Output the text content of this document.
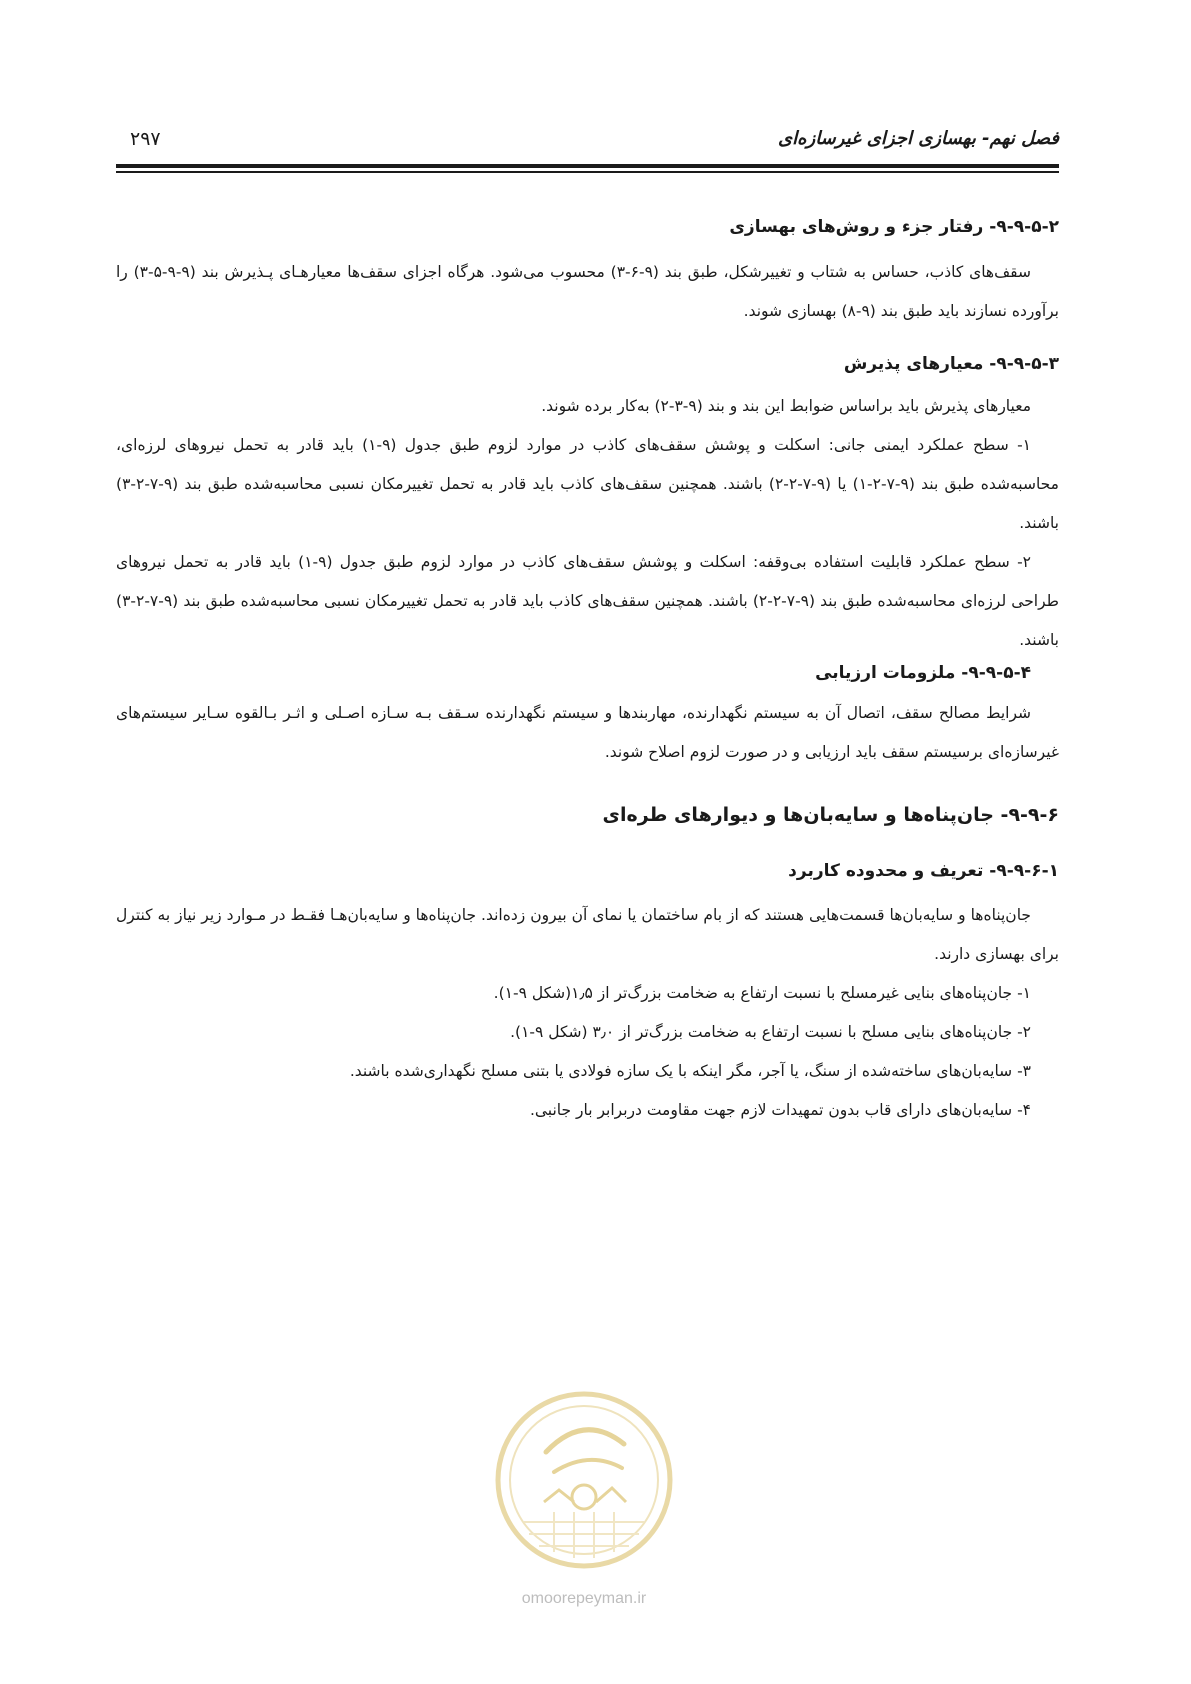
فصل نهم- بهسازی اجزای غیرسازه‌ای
۲۹۷
۹-۹-۵-۲- رفتار جزء و روش‌های بهسازی

سقف‌های کاذب، حساس به شتاب و تغییرشکل، طبق بند (۹-۶-۳) محسوب می‌شود. هرگاه اجزای سقف‌ها معیارهـای پـذیرش بند (۹-۹-۵-۳) را برآورده نسازند باید طبق بند (۹-۸) بهسازی شوند.

۹-۹-۵-۳- معیارهای پذیرش

معیارهای پذیرش باید براساس ضوابط این بند و بند (۹-۳-۲) به‌کار برده شوند.

۱- سطح عملکرد ایمنی جانی: اسکلت و پوشش سقف‌های کاذب در موارد لزوم طبق جدول (۹-۱) باید قادر به تحمل نیروهای لرزه‌ای، محاسبه‌شده طبق بند (۹-۷-۲-۱) یا (۹-۷-۲-۲) باشند. همچنین سقف‌های کاذب باید قادر به تحمل تغییرمکان نسبی محاسبه‌شده طبق بند (۹-۷-۲-۳) باشند.

۲- سطح عملکرد قابلیت استفاده بی‌وقفه: اسکلت و پوشش سقف‌های کاذب در موارد لزوم طبق جدول (۹-۱) باید قادر به تحمل نیروهای طراحی لرزه‌ای محاسبه‌شده طبق بند (۹-۷-۲-۲) باشند. همچنین سقف‌های کاذب باید قادر به تحمل تغییرمکان نسبی محاسبه‌شده طبق بند (۹-۷-۲-۳) باشند.

۹-۹-۵-۴- ملزومات ارزیابی

شرایط مصالح سقف، اتصال آن به سیستم نگهدارنده، مهاربندها و سیستم نگهدارنده سـقف بـه سـازه اصـلی و اثـر بـالقوه سـایر سیستم‌های غیرسازه‌ای برسیستم سقف باید ارزیابی و در صورت لزوم اصلاح شوند.

۹-۹-۶- جان‌پناه‌ها و سایه‌بان‌ها و دیوارهای طره‌ای
۹-۹-۶-۱- تعریف و محدوده کاربرد

جان‌پناه‌ها و سایه‌بان‌ها قسمت‌هایی هستند که از بام ساختمان یا نمای آن بیرون زده‌اند. جان‌پناه‌ها و سایه‌بان‌هـا فقـط در مـوارد زیر نیاز به کنترل برای بهسازی دارند.

۱- جان‌پناه‌های بنایی غیرمسلح با نسبت ارتفاع به ضخامت بزرگ‌تر از ۱٫۵(شکل ۹-۱).
۲- جان‌پناه‌های بنایی مسلح با نسبت ارتفاع به ضخامت بزرگ‌تر از ۳٫۰ (شکل ۹-۱).
۳- سایه‌بان‌های ساخته‌شده از سنگ، یا آجر، مگر اینکه با یک سازه فولادی یا بتنی مسلح نگهداری‌شده باشند.
۴- سایه‌بان‌های دارای قاب بدون تمهیدات لازم جهت مقاومت دربرابر بار جانبی.
omoorepeyman.ir
